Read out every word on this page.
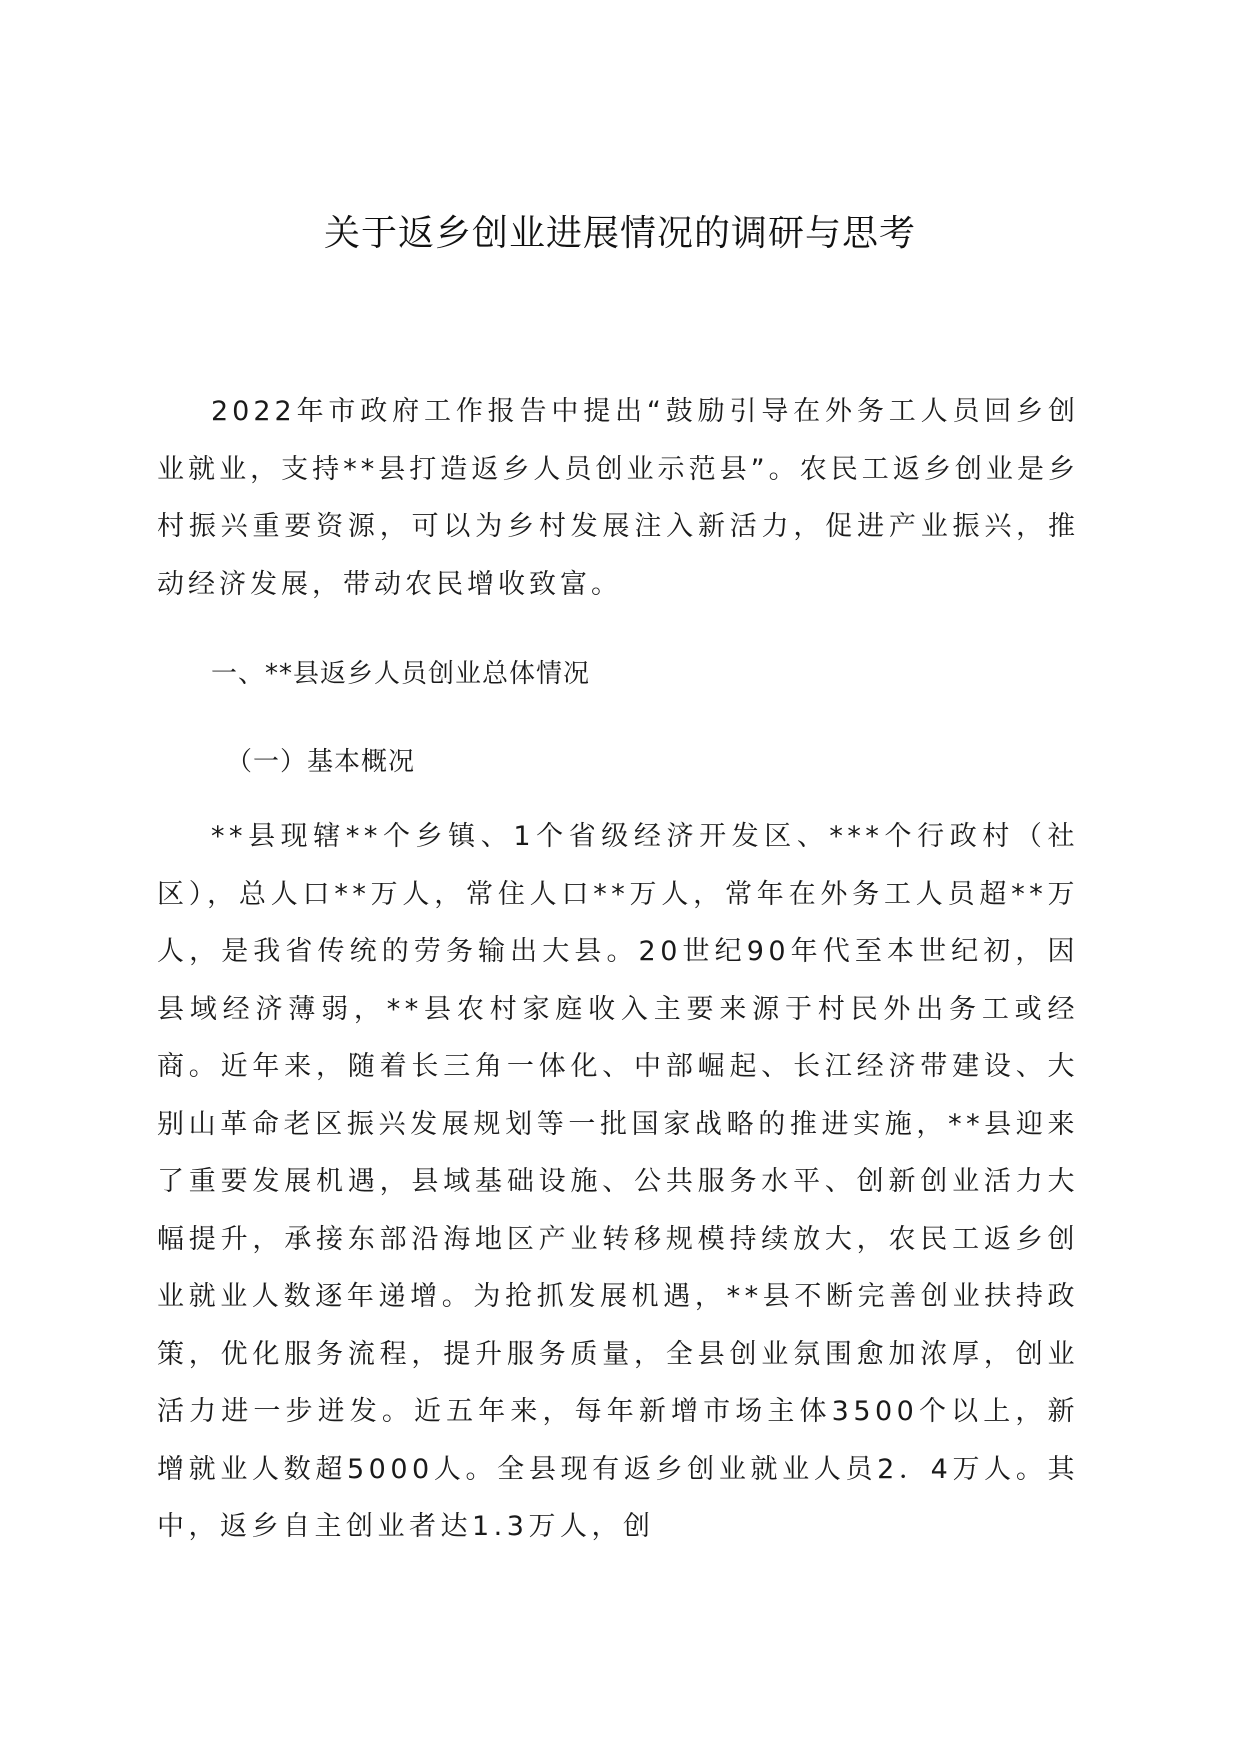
关于返乡创业进展情况的调研与思考

2022年市政府工作报告中提出“鼓励引导在外务工人员回乡创业就业，支持**县打造返乡人员创业示范县”。农民工返乡创业是乡村振兴重要资源，可以为乡村发展注入新活力，促进产业振兴，推动经济发展，带动农民增收致富。

一、**县返乡人员创业总体情况
（一）基本概况

**县现辖**个乡镇、1个省级经济开发区、***个行政村（社区），总人口**万人，常住人口**万人，常年在外务工人员超**万人，是我省传统的劳务输出大县。20世纪90年代至本世纪初，因县域经济薄弱，**县农村家庭收入主要来源于村民外出务工或经商。近年来，随着长三角一体化、中部崛起、长江经济带建设、大别山革命老区振兴发展规划等一批国家战略的推进实施，**县迎来了重要发展机遇，县域基础设施、公共服务水平、创新创业活力大幅提升，承接东部沿海地区产业转移规模持续放大，农民工返乡创业就业人数逐年递增。为抢抓发展机遇，**县不断完善创业扶持政策，优化服务流程，提升服务质量，全县创业氛围愈加浓厚，创业活力进一步迸发。近五年来，每年新增市场主体3500个以上，新增就业人数超5000人。全县现有返乡创业就业人员2．4万人。其中，返乡自主创业者达1.3万人，创
